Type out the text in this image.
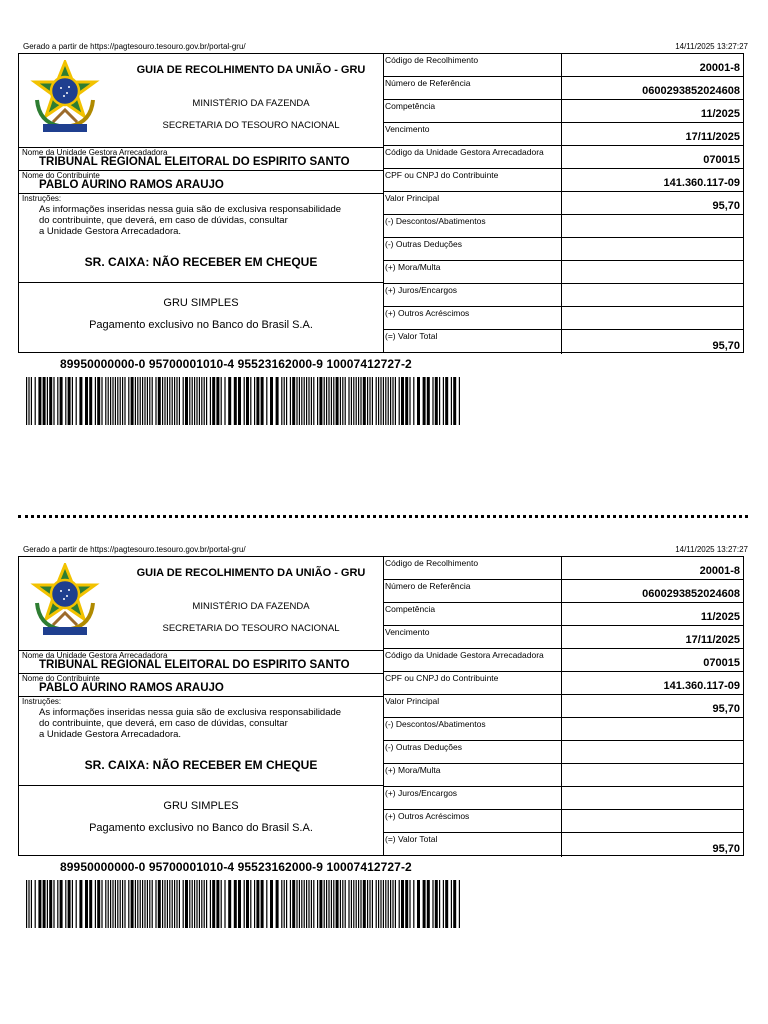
Gerado a partir de https://pagtesouro.tesouro.gov.br/portal-gru/	14/11/2025 13:27:27
GUIA DE RECOLHIMENTO DA UNIÃO - GRU
MINISTÉRIO DA FAZENDA
SECRETARIA DO TESOURO NACIONAL
Nome da Unidade Gestora Arrecadadora
TRIBUNAL REGIONAL ELEITORAL DO ESPIRITO SANTO
Nome do Contribuinte
PABLO AURINO RAMOS ARAUJO
Instruções:
As informações inseridas nessa guia são de exclusiva responsabilidade
do contribuinte, que deverá, em caso de dúvidas, consultar
a Unidade Gestora Arrecadadora.
SR. CAIXA: NÃO RECEBER EM CHEQUE
GRU SIMPLES
Pagamento exclusivo no Banco do Brasil S.A.
Código de Recolhimento
20001-8
Número de Referência
0600293852024608
Competência
11/2025
Vencimento
17/11/2025
Código da Unidade Gestora Arrecadadora
070015
CPF ou CNPJ do Contribuinte
141.360.117-09
Valor Principal
95,70
(-) Descontos/Abatimentos
(-) Outras Deduções
(+) Mora/Multa
(+) Juros/Encargos
(+) Outros Acréscimos
(=) Valor Total
95,70
89950000000-0 95700001010-4 95523162000-9 10007412727-2
Gerado a partir de https://pagtesouro.tesouro.gov.br/portal-gru/	14/11/2025 13:27:27
GUIA DE RECOLHIMENTO DA UNIÃO - GRU
MINISTÉRIO DA FAZENDA
SECRETARIA DO TESOURO NACIONAL
Nome da Unidade Gestora Arrecadadora
TRIBUNAL REGIONAL ELEITORAL DO ESPIRITO SANTO
Nome do Contribuinte
PABLO AURINO RAMOS ARAUJO
Instruções:
As informações inseridas nessa guia são de exclusiva responsabilidade
do contribuinte, que deverá, em caso de dúvidas, consultar
a Unidade Gestora Arrecadadora.
SR. CAIXA: NÃO RECEBER EM CHEQUE
GRU SIMPLES
Pagamento exclusivo no Banco do Brasil S.A.
Código de Recolhimento
20001-8
Número de Referência
0600293852024608
Competência
11/2025
Vencimento
17/11/2025
Código da Unidade Gestora Arrecadadora
070015
CPF ou CNPJ do Contribuinte
141.360.117-09
Valor Principal
95,70
(-) Descontos/Abatimentos
(-) Outras Deduções
(+) Mora/Multa
(+) Juros/Encargos
(+) Outros Acréscimos
(=) Valor Total
95,70
89950000000-0 95700001010-4 95523162000-9 10007412727-2
